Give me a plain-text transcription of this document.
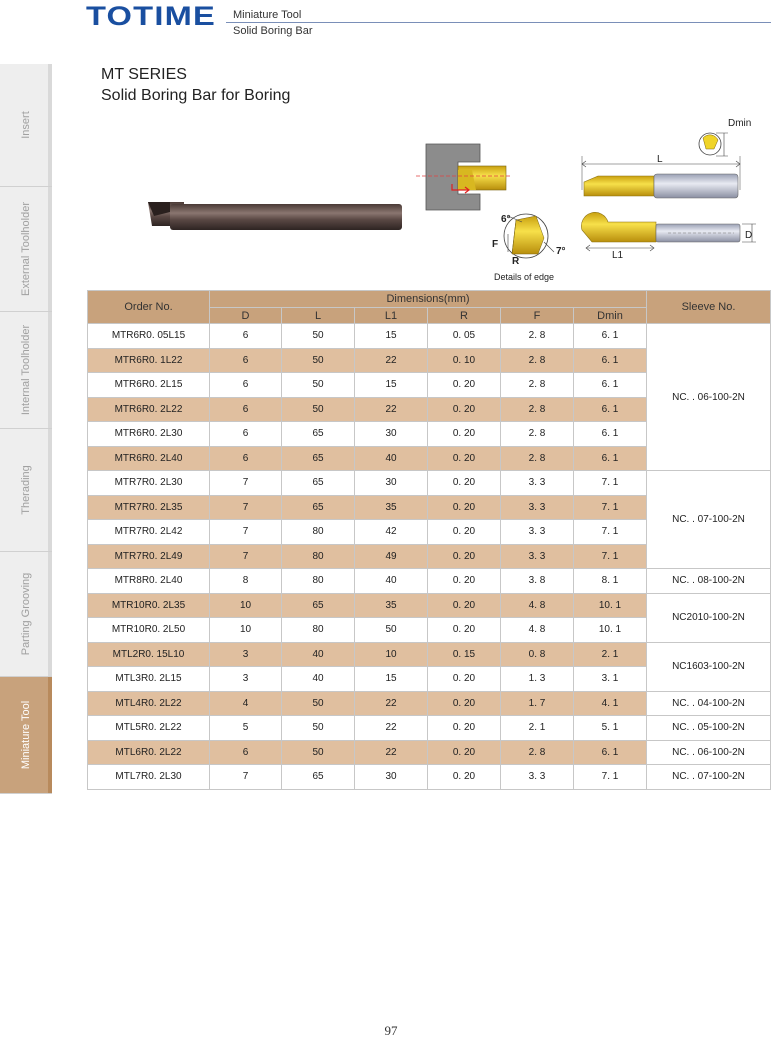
TOTIME Miniature Tool
Solid Boring Bar
Insert
External Toolholder
Internal Toolholder
Therading
Parting Grooving
Miniature Tool
MT SERIES
Solid Boring Bar for Boring
L
Dmin
L1
D
6°
F
R
7°
Details of edge
Order No.	Dimensions(mm)						Sleeve No.
	D	L	L1	R	F	Dmin	
MTR6R0. 05L15	6	50	15	0. 05	2. 8	6. 1	NC. . 06-100-2N
MTR6R0. 1L22	6	50	22	0. 10	2. 8	6. 1	
MTR6R0. 2L15	6	50	15	0. 20	2. 8	6. 1	
MTR6R0. 2L22	6	50	22	0. 20	2. 8	6. 1	
MTR6R0. 2L30	6	65	30	0. 20	2. 8	6. 1	
MTR6R0. 2L40	6	65	40	0. 20	2. 8	6. 1	
MTR7R0. 2L30	7	65	30	0. 20	3. 3	7. 1	NC. . 07-100-2N
MTR7R0. 2L35	7	65	35	0. 20	3. 3	7. 1	
MTR7R0. 2L42	7	80	42	0. 20	3. 3	7. 1	
MTR7R0. 2L49	7	80	49	0. 20	3. 3	7. 1	
MTR8R0. 2L40	8	80	40	0. 20	3. 8	8. 1	NC. . 08-100-2N
MTR10R0. 2L35	10	65	35	0. 20	4. 8	10. 1	NC2010-100-2N
MTR10R0. 2L50	10	80	50	0. 20	4. 8	10. 1	
MTL2R0. 15L10	3	40	10	0. 15	0. 8	2. 1	NC1603-100-2N
MTL3R0. 2L15	3	40	15	0. 20	1. 3	3. 1	
MTL4R0. 2L22	4	50	22	0. 20	1. 7	4. 1	NC. . 04-100-2N
MTL5R0. 2L22	5	50	22	0. 20	2. 1	5. 1	NC. . 05-100-2N
MTL6R0. 2L22	6	50	22	0. 20	2. 8	6. 1	NC. . 06-100-2N
MTL7R0. 2L30	7	65	30	0. 20	3. 3	7. 1	NC. . 07-100-2N
97
